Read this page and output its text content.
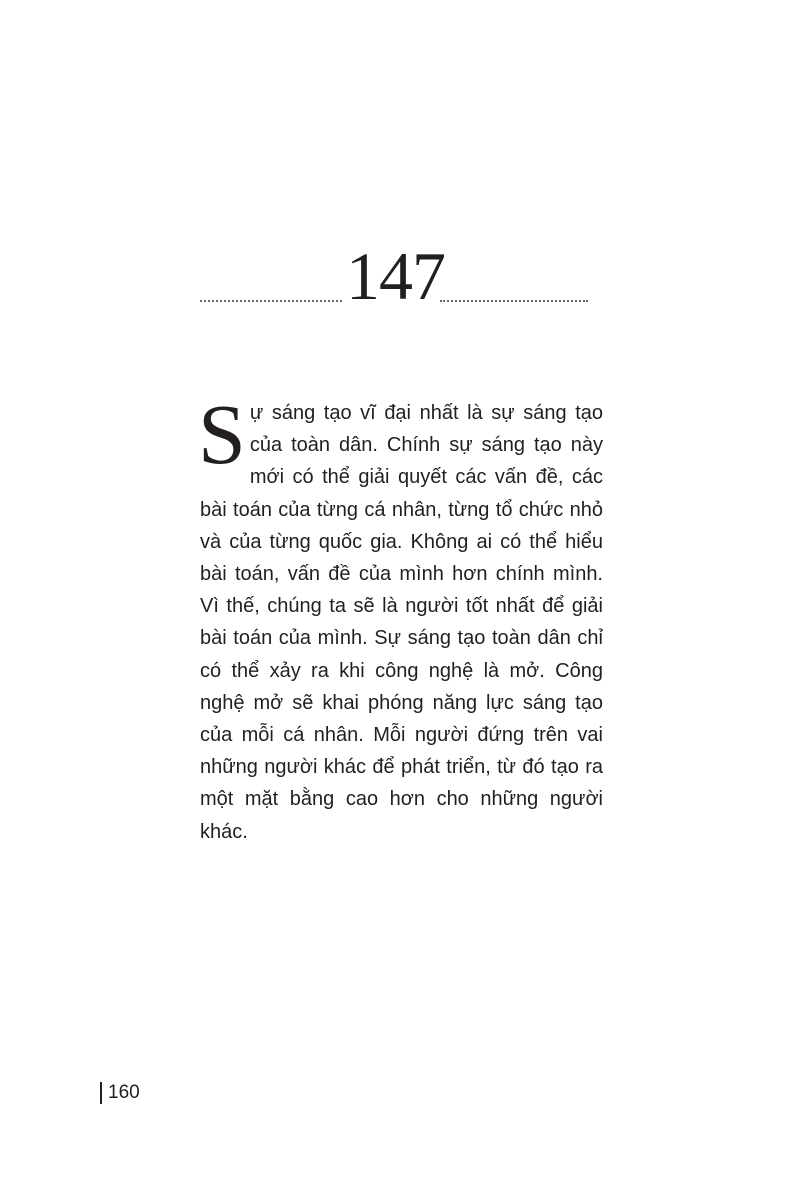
147

Sự sáng tạo vĩ đại nhất là sự sáng tạo của toàn dân. Chính sự sáng tạo này mới có thể giải quyết các vấn đề, các bài toán của từng cá nhân, từng tổ chức nhỏ và của từng quốc gia. Không ai có thể hiểu bài toán, vấn đề của mình hơn chính mình. Vì thế, chúng ta sẽ là người tốt nhất để giải bài toán của mình. Sự sáng tạo toàn dân chỉ có thể xảy ra khi công nghệ là mở. Công nghệ mở sẽ khai phóng năng lực sáng tạo của mỗi cá nhân. Mỗi người đứng trên vai những người khác để phát triển, từ đó tạo ra một mặt bằng cao hơn cho những người khác.

160
